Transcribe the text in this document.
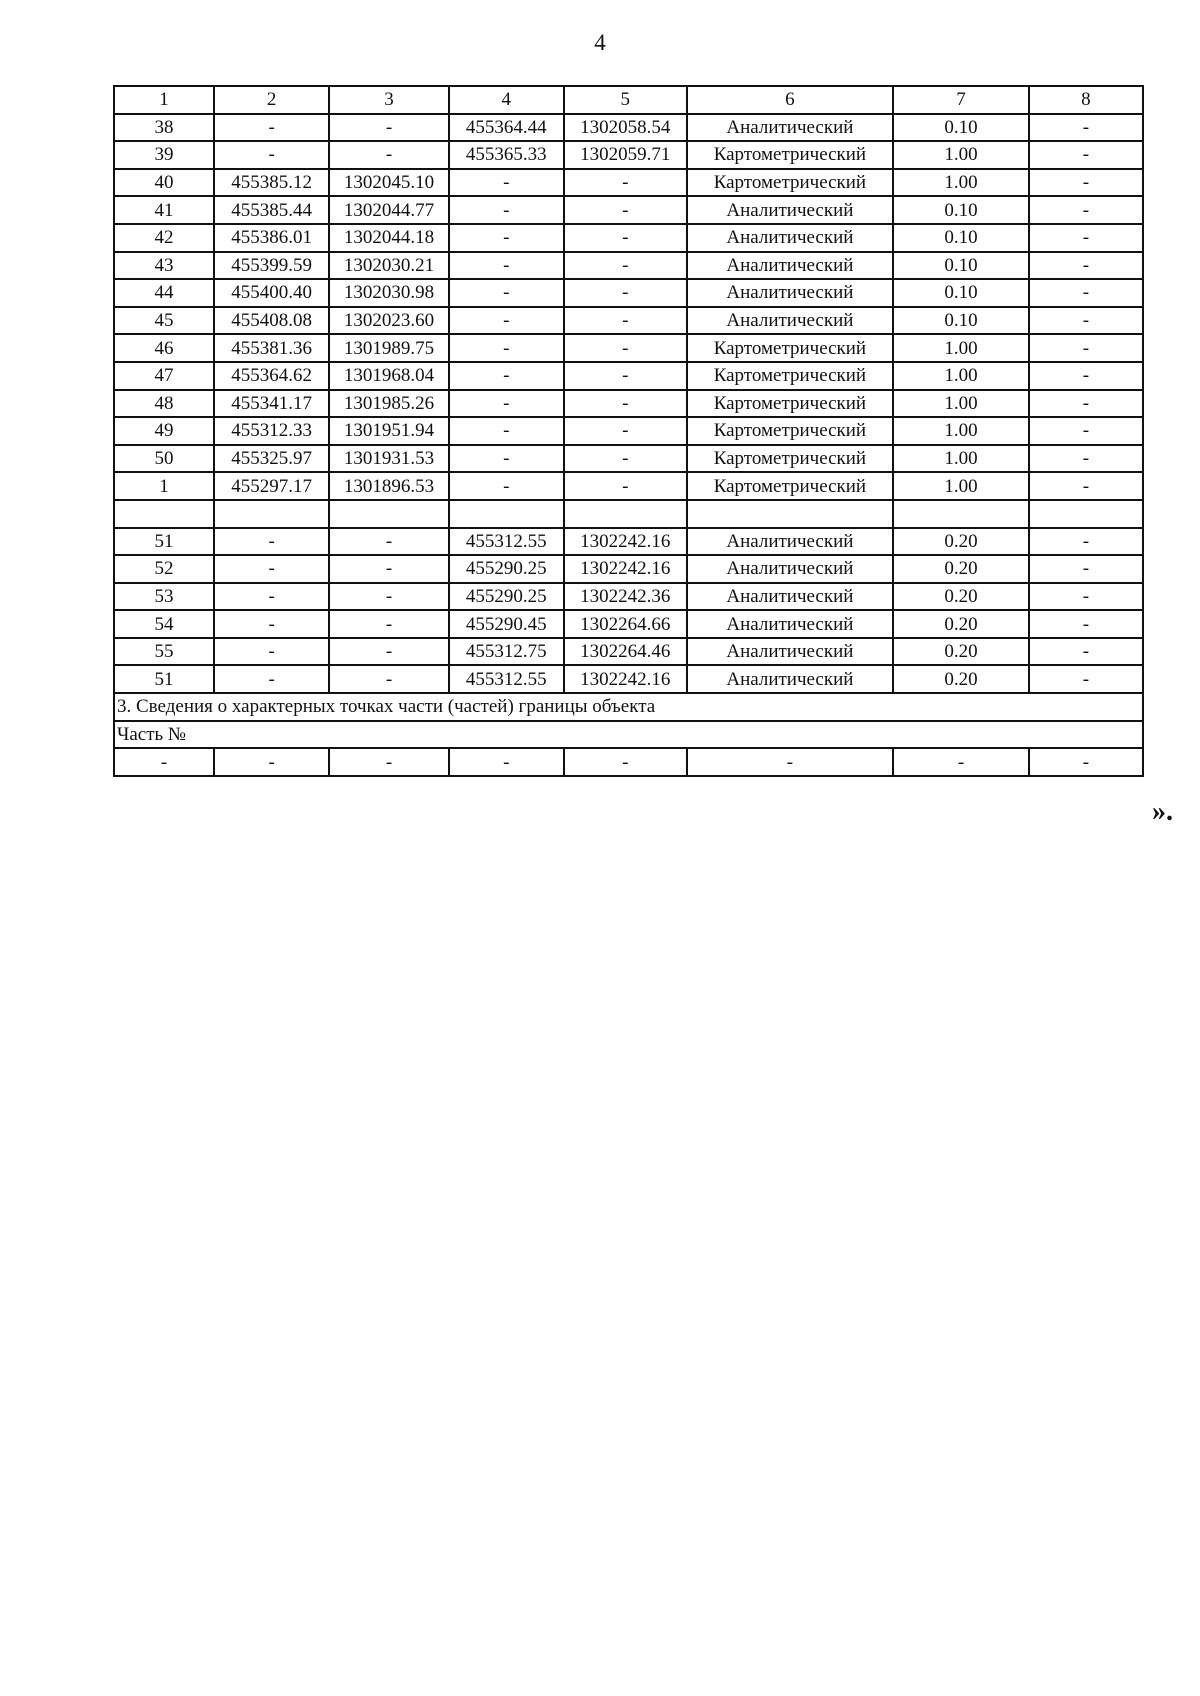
4
1	2	3	4	5	6	7	8
38	-	-	455364.44	1302058.54	Аналитический	0.10	-
39	-	-	455365.33	1302059.71	Картометрический	1.00	-
40	455385.12	1302045.10	-	-	Картометрический	1.00	-
41	455385.44	1302044.77	-	-	Аналитический	0.10	-
42	455386.01	1302044.18	-	-	Аналитический	0.10	-
43	455399.59	1302030.21	-	-	Аналитический	0.10	-
44	455400.40	1302030.98	-	-	Аналитический	0.10	-
45	455408.08	1302023.60	-	-	Аналитический	0.10	-
46	455381.36	1301989.75	-	-	Картометрический	1.00	-
47	455364.62	1301968.04	-	-	Картометрический	1.00	-
48	455341.17	1301985.26	-	-	Картометрический	1.00	-
49	455312.33	1301951.94	-	-	Картометрический	1.00	-
50	455325.97	1301931.53	-	-	Картометрический	1.00	-
1	455297.17	1301896.53	-	-	Картометрический	1.00	-

51	-	-	455312.55	1302242.16	Аналитический	0.20	-
52	-	-	455290.25	1302242.16	Аналитический	0.20	-
53	-	-	455290.25	1302242.36	Аналитический	0.20	-
54	-	-	455290.45	1302264.66	Аналитический	0.20	-
55	-	-	455312.75	1302264.46	Аналитический	0.20	-
51	-	-	455312.55	1302242.16	Аналитический	0.20	-
3. Сведения о характерных точках части (частей) границы объекта							
Часть №							
-	-	-	-	-	-	-	-
».
